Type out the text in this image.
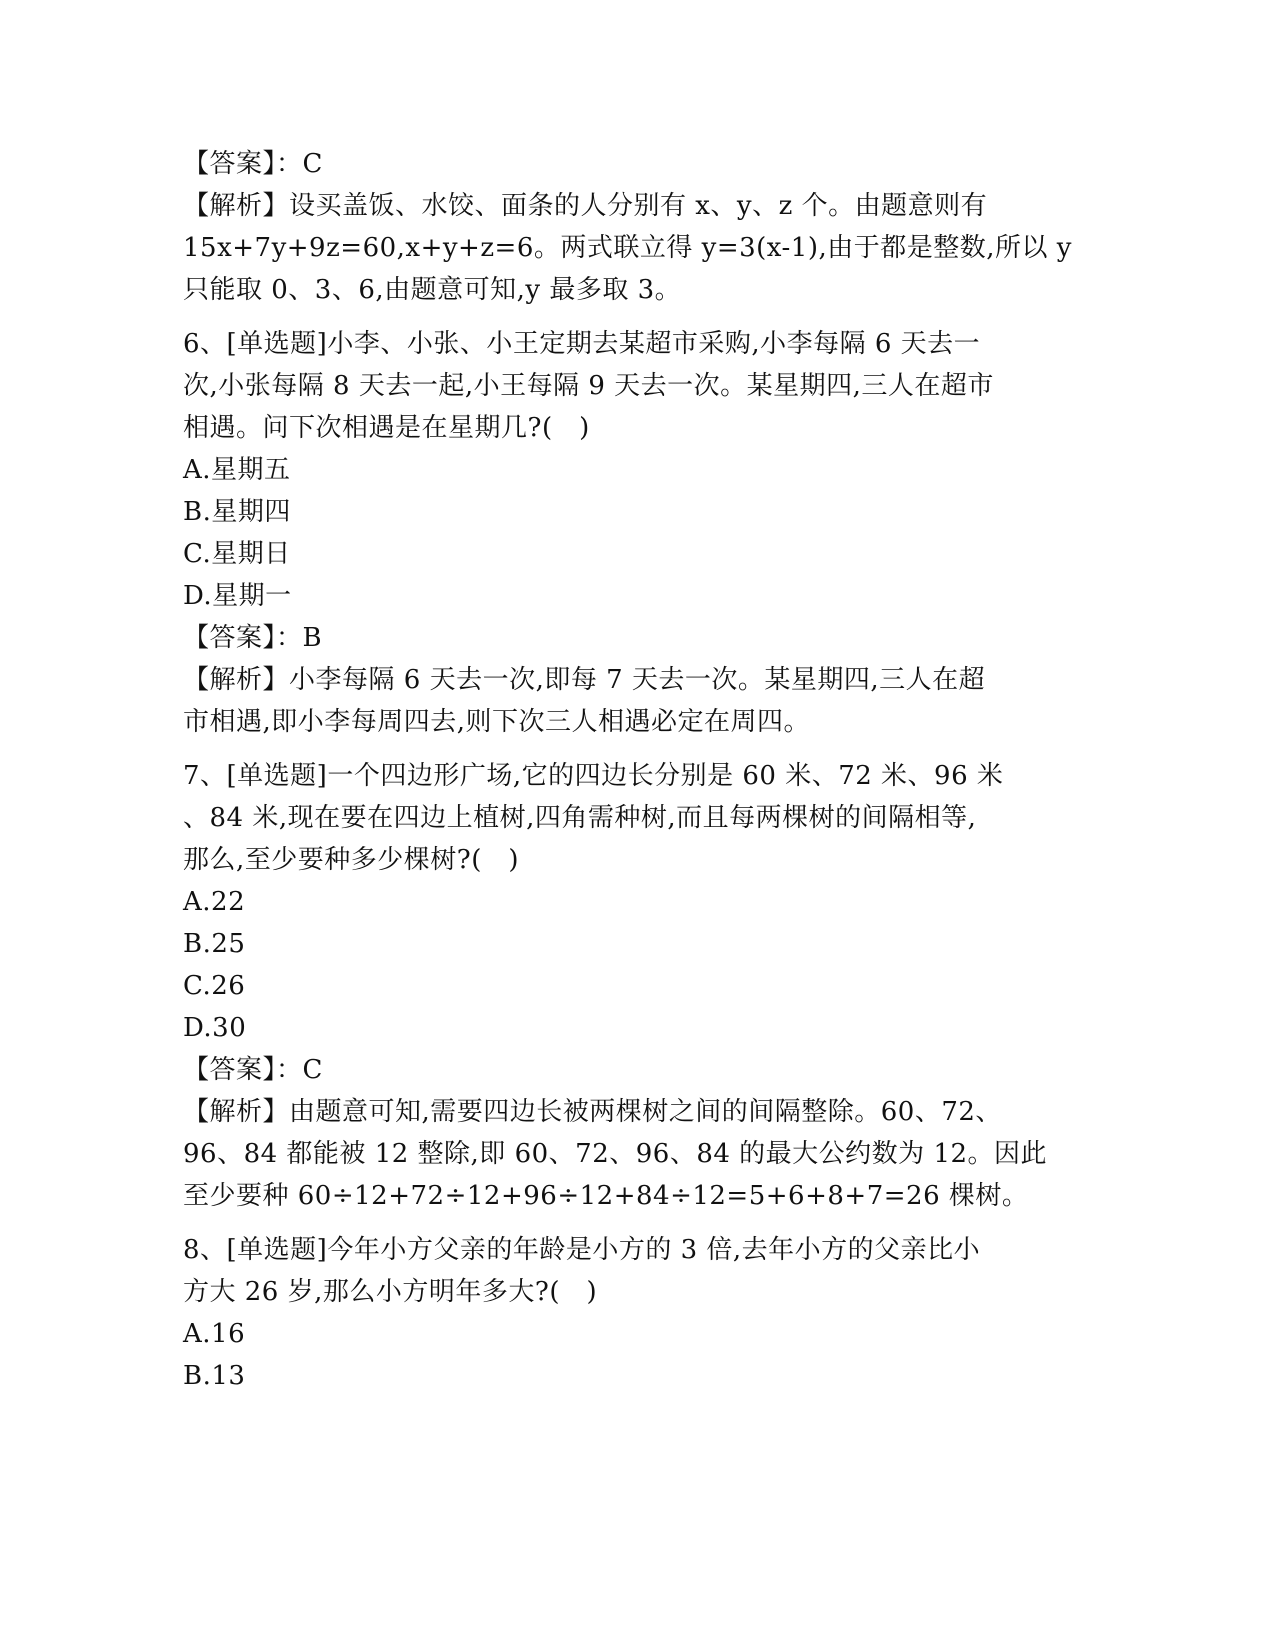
【答案】：C
【解析】设买盖饭、水饺、面条的人分别有 x、y、z 个。由题意则有
15x+7y+9z=60,x+y+z=6。两式联立得 y=3(x-1),由于都是整数,所以 y
只能取 0、3、6,由题意可知,y 最多取 3。
6、[单选题]小李、小张、小王定期去某超市采购,小李每隔 6 天去一
次,小张每隔 8 天去一起,小王每隔 9 天去一次。某星期四,三人在超市
相遇。问下次相遇是在星期几?(　)
A.星期五
B.星期四
C.星期日
D.星期一
【答案】：B
【解析】小李每隔 6 天去一次,即每 7 天去一次。某星期四,三人在超
市相遇,即小李每周四去,则下次三人相遇必定在周四。
7、[单选题]一个四边形广场,它的四边长分别是 60 米、72 米、96 米
、84 米,现在要在四边上植树,四角需种树,而且每两棵树的间隔相等,
那么,至少要种多少棵树?(　)
A.22
B.25
C.26
D.30
【答案】：C
【解析】由题意可知,需要四边长被两棵树之间的间隔整除。60、72、
96、84 都能被 12 整除,即 60、72、96、84 的最大公约数为 12。因此
至少要种 60÷12+72÷12+96÷12+84÷12=5+6+8+7=26 棵树。
8、[单选题]今年小方父亲的年龄是小方的 3 倍,去年小方的父亲比小
方大 26 岁,那么小方明年多大?(　)
A.16
B.13
